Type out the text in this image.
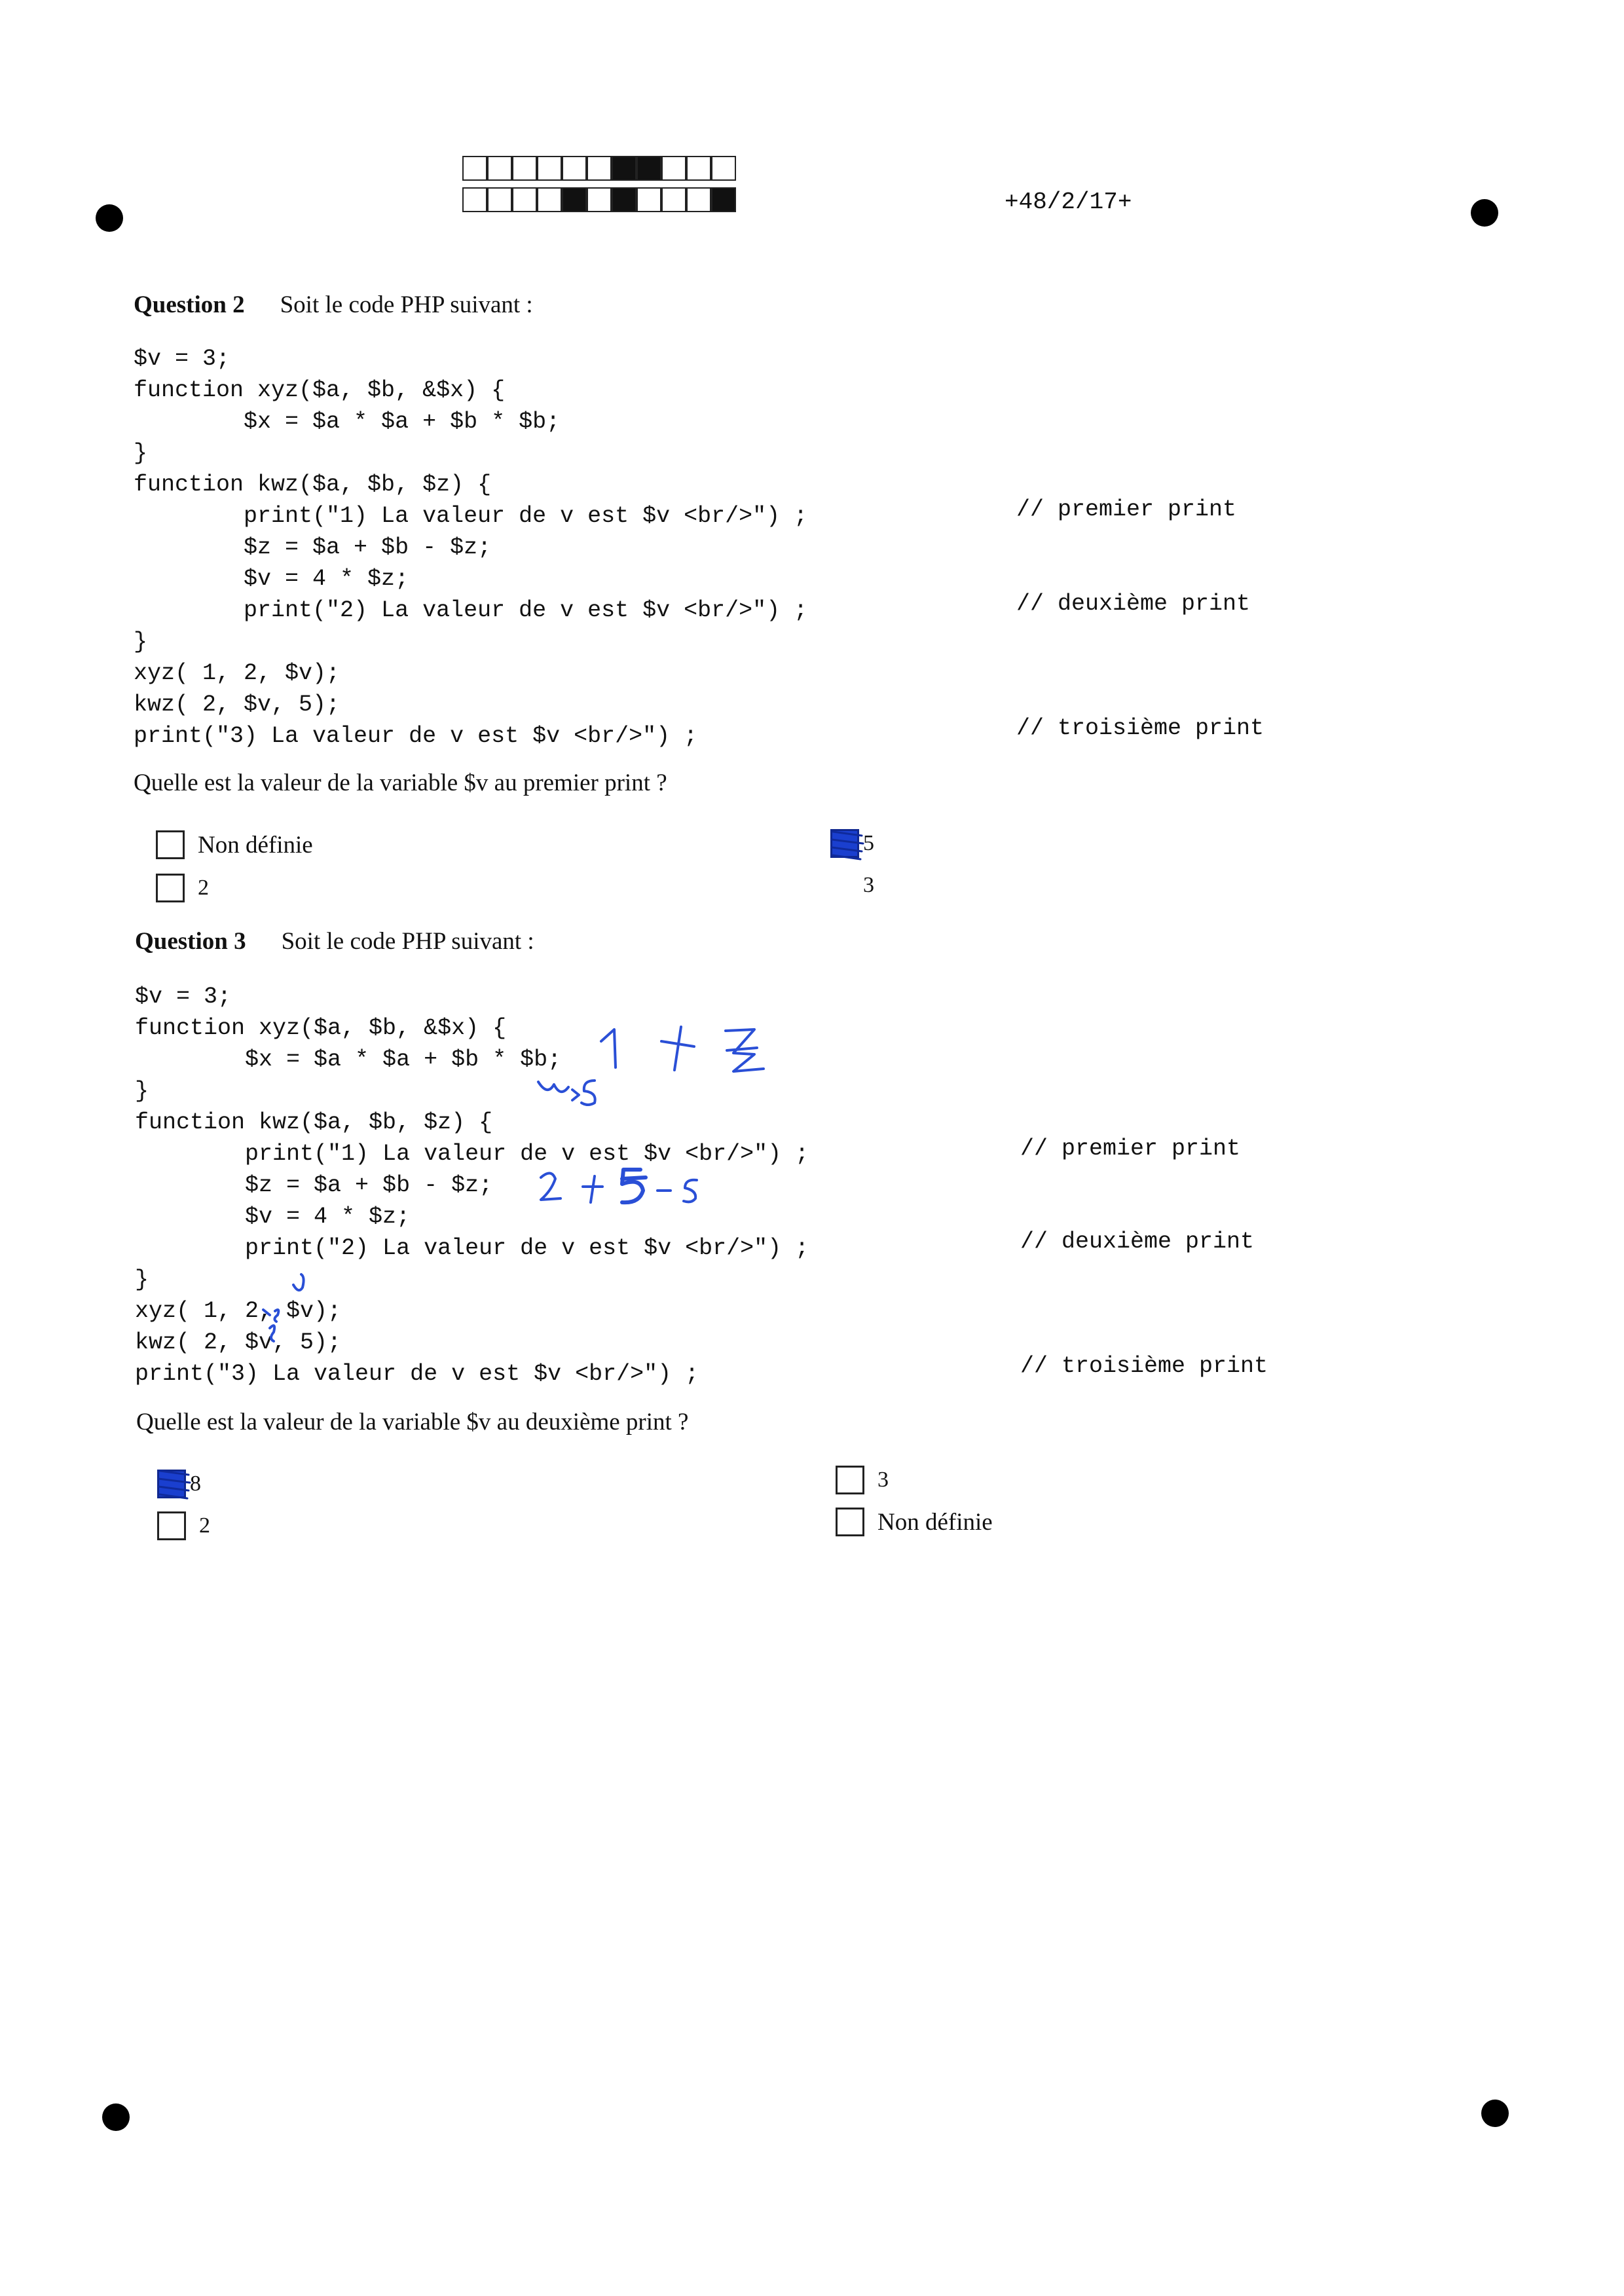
+48/2/17+
Question 2 Soit le code PHP suivant :
$v = 3;
function xyz($a, $b, &$x) {
$x = $a * $a + $b * $b;
}
function kwz($a, $b, $z) {
print("1) La valeur de v est $v <br/>") ;
$z = $a + $b - $z;
$v = 4 * $z;
print("2) La valeur de v est $v <br/>") ;
}
xyz( 1, 2, $v);
kwz( 2, $v, 5);
print("3) La valeur de v est $v <br/>") ;
// premier print
// deuxième print
// troisième print
Quelle est la valeur de la variable $v au premier print ?
Non définie	5
2	3
Question 3 Soit le code PHP suivant :
$v = 3;
function xyz($a, $b, &$x) {
$x = $a * $a + $b * $b;
}
function kwz($a, $b, $z) {
print("1) La valeur de v est $v <br/>") ;
$z = $a + $b - $z;
$v = 4 * $z;
print("2) La valeur de v est $v <br/>") ;
}
xyz( 1, 2, $v);
kwz( 2, $v, 5);
print("3) La valeur de v est $v <br/>") ;
// premier print
// deuxième print
// troisième print
Quelle est la valeur de la variable $v au deuxième print ?
8	3
2	Non définie
